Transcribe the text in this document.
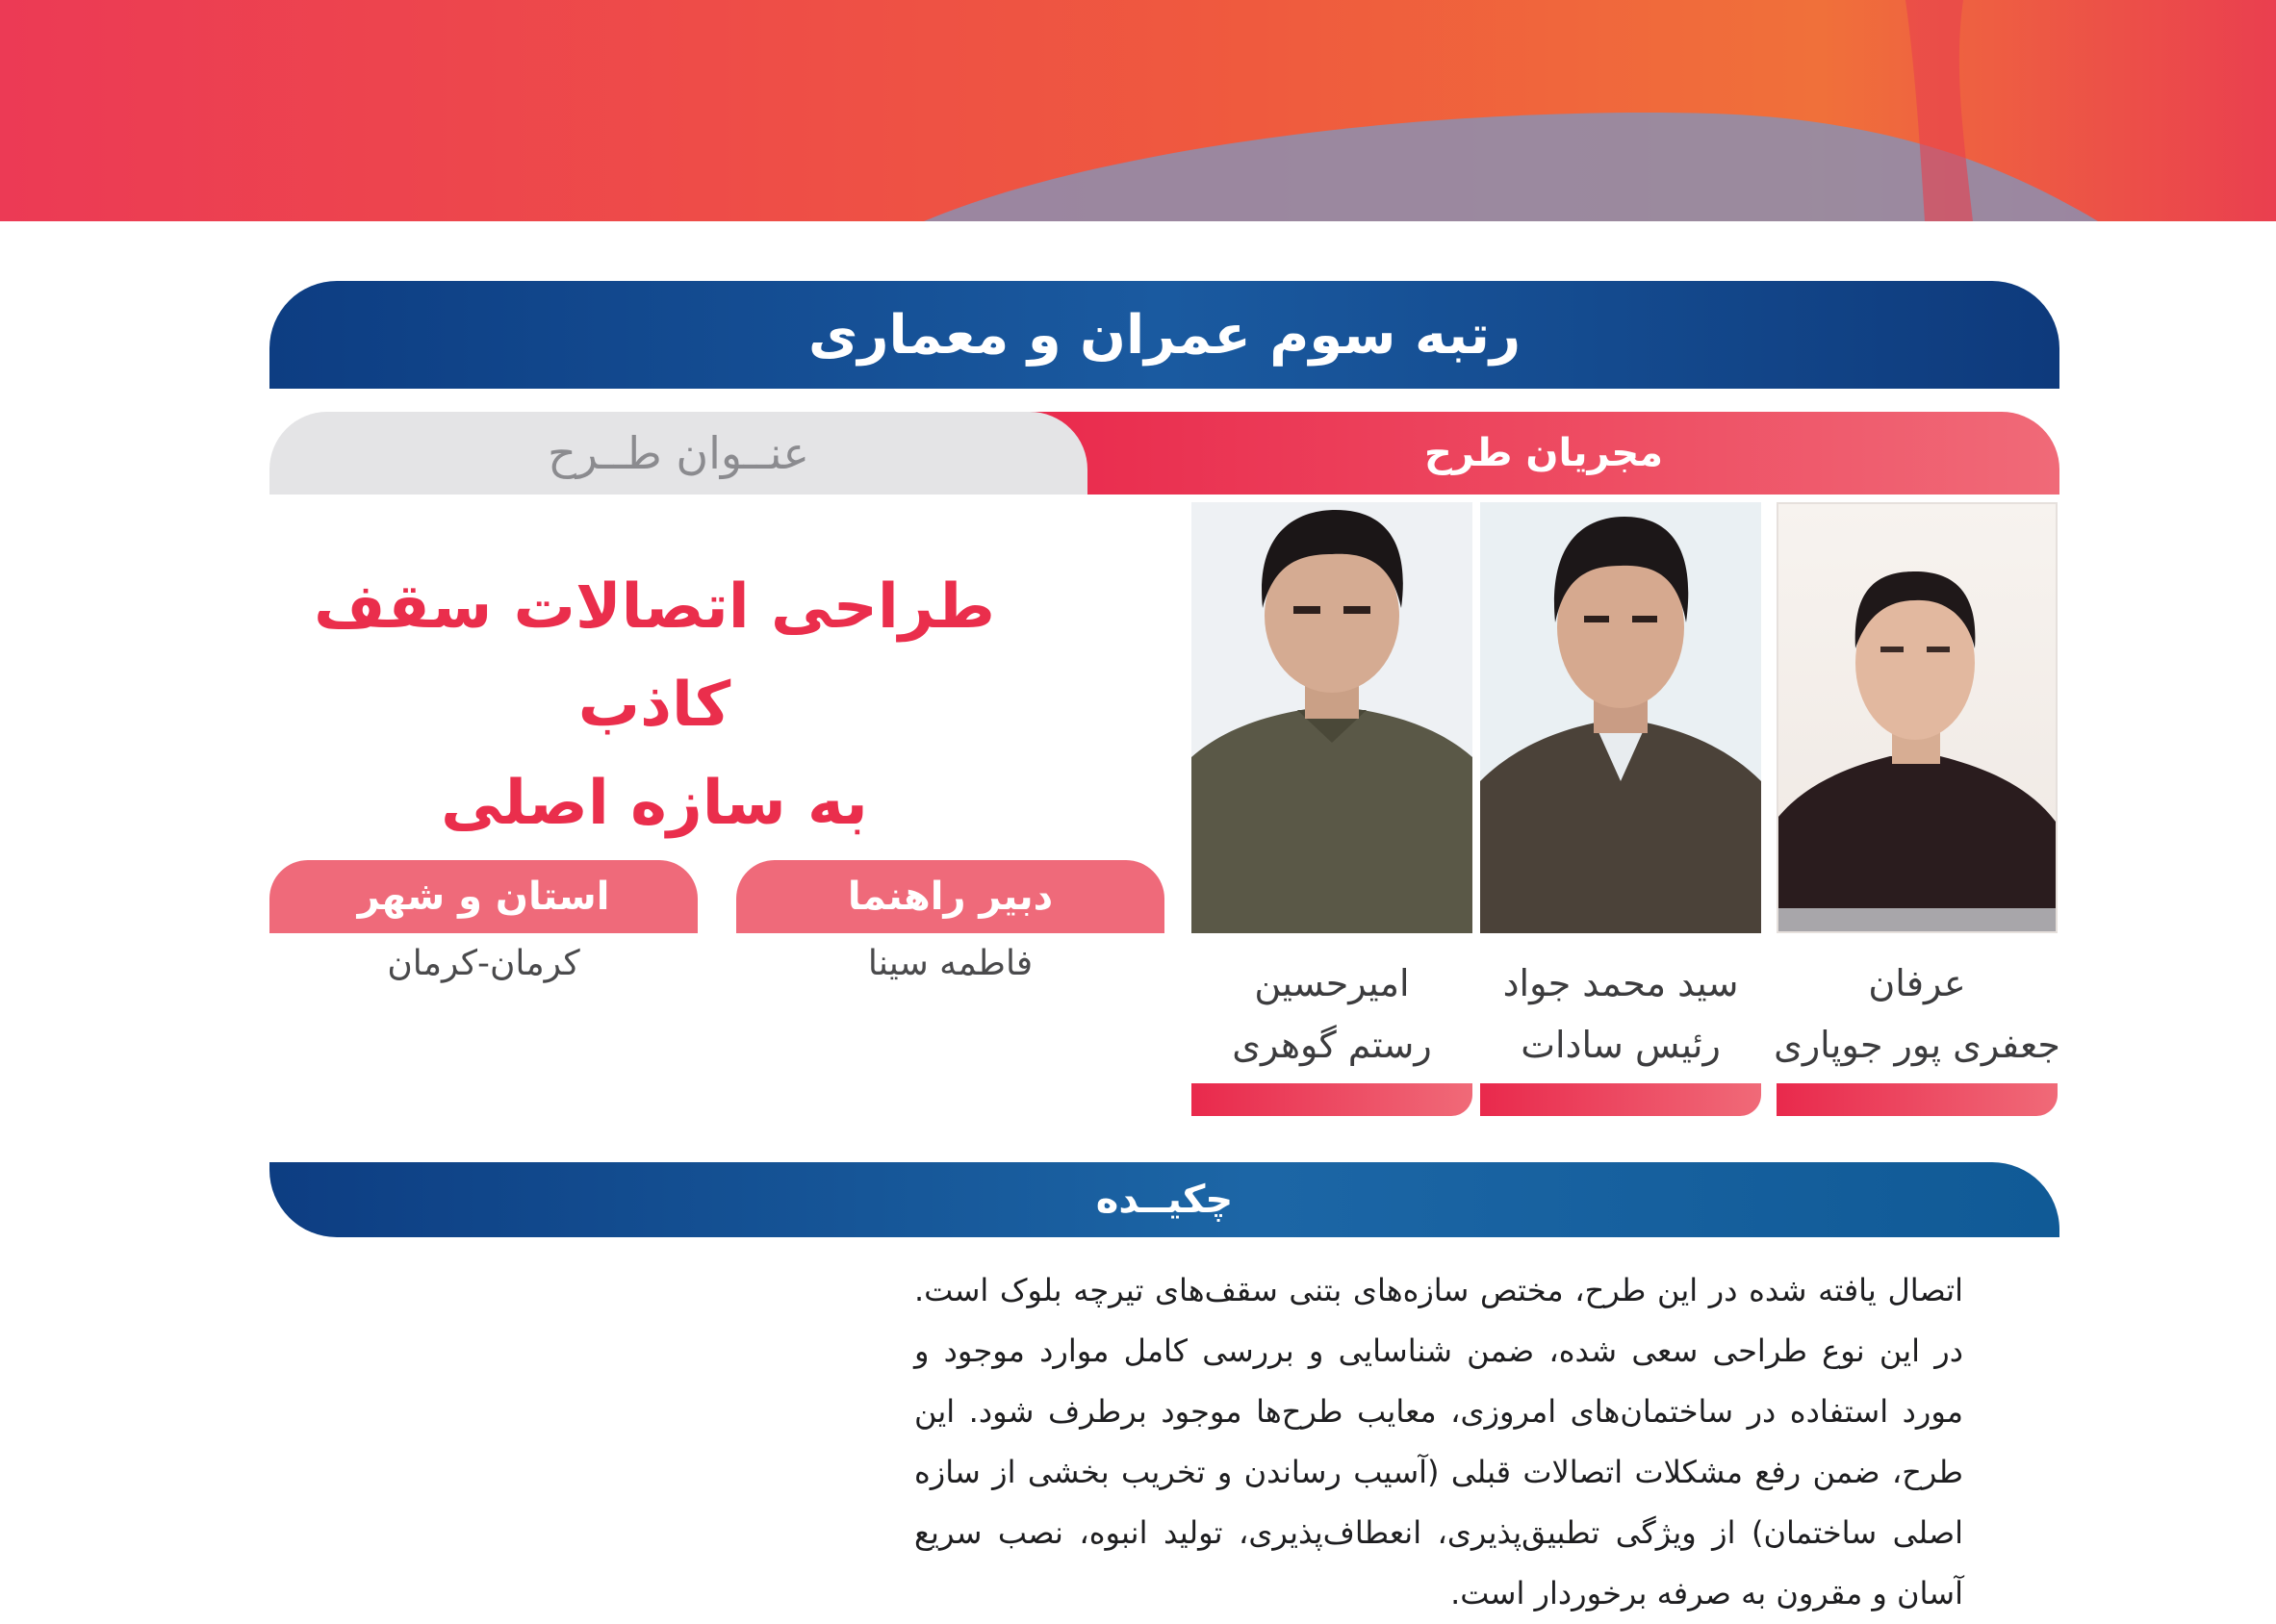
رتبه سوم عمران و معماری
مجریان طرح
عنــوان طــرح
طراحی اتصالات سقف کاذب
به سازه اصلی
دبیر راهنما
فاطمه سینا
استان و شهر
کرمان-کرمان	عرفان
جعفری پور جوپاری
سید محمد جواد
رئیس سادات
امیرحسین
رستم گوهری
چکیــده
اتصال یافته شده در این طرح، مختص سازه‌های بتنی سقف‌های تیرچه بلوک است. در این نوع طراحی سعی شده، ضمن شناسایی و بررسی کامل موارد موجود و مورد استفاده در ساختمان‌های امروزی، معایب طرح‌ها موجود برطرف شود. این طرح، ضمن رفع مشکلات اتصالات قبلی (آسیب رساندن و تخریب بخشی از سازه اصلی ساختمان) از ویژگی تطبیق‌پذیری، انعطاف‌پذیری، تولید انبوه، نصب سریع آسان و مقرون به صرفه برخوردار است.
